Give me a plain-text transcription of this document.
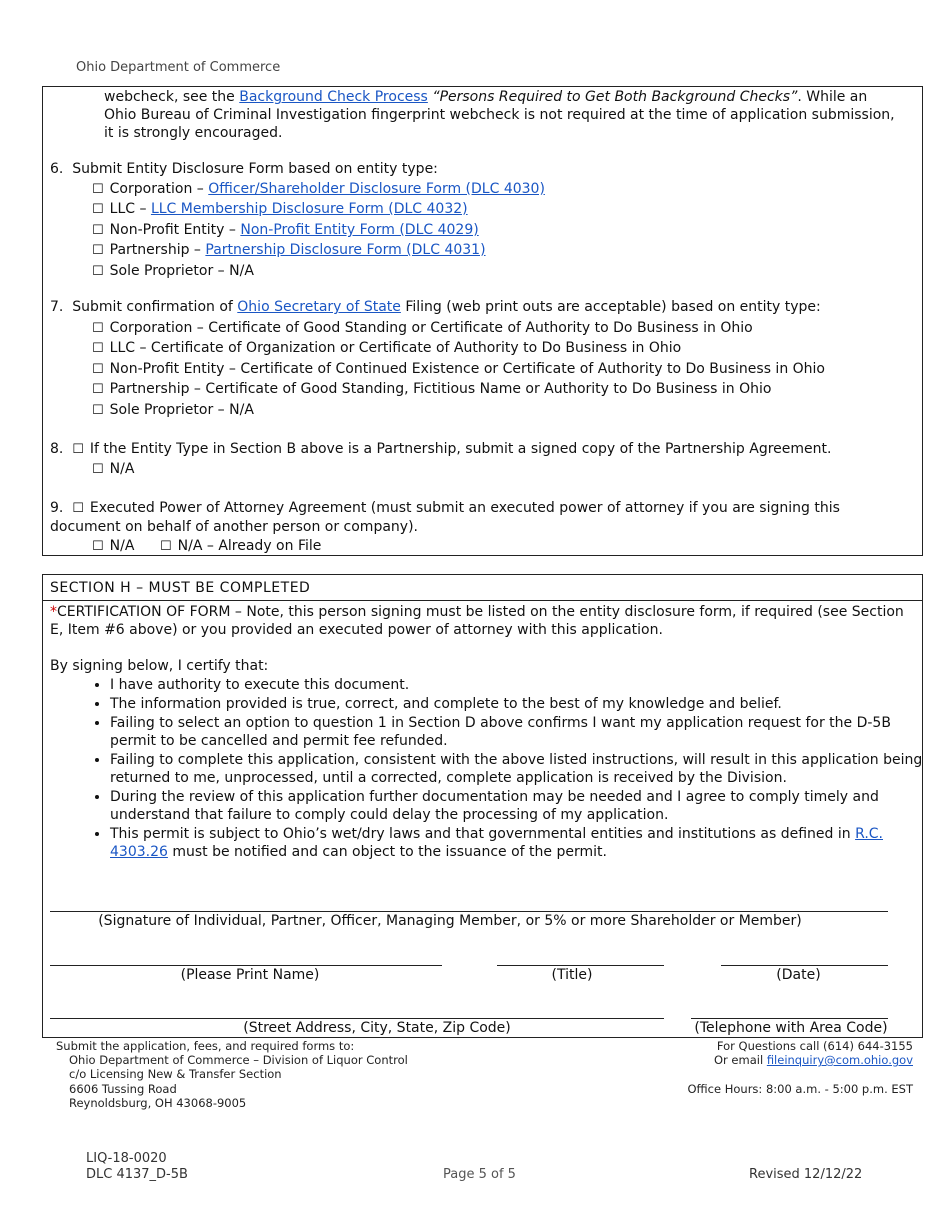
Ohio Department of Commerce
webcheck, see the Background Check Process “Persons Required to Get Both Background Checks”. While an Ohio Bureau of Criminal Investigation fingerprint webcheck is not required at the time of application submission, it is strongly encouraged.
6. Submit Entity Disclosure Form based on entity type:
☐ Corporation – Officer/Shareholder Disclosure Form (DLC 4030)
☐ LLC – LLC Membership Disclosure Form (DLC 4032)
☐ Non-Profit Entity – Non-Profit Entity Form (DLC 4029)
☐ Partnership – Partnership Disclosure Form (DLC 4031)
☐ Sole Proprietor – N/A
7. Submit confirmation of Ohio Secretary of State Filing (web print outs are acceptable) based on entity type:
☐ Corporation – Certificate of Good Standing or Certificate of Authority to Do Business in Ohio
☐ LLC – Certificate of Organization or Certificate of Authority to Do Business in Ohio
☐ Non-Profit Entity – Certificate of Continued Existence or Certificate of Authority to Do Business in Ohio
☐ Partnership – Certificate of Good Standing, Fictitious Name or Authority to Do Business in Ohio
☐ Sole Proprietor – N/A
8. ☐ If the Entity Type in Section B above is a Partnership, submit a signed copy of the Partnership Agreement.
☐ N/A
9. ☐ Executed Power of Attorney Agreement (must submit an executed power of attorney if you are signing this document on behalf of another person or company).
☐ N/A ☐ N/A – Already on File
SECTION H – MUST BE COMPLETED
*CERTIFICATION OF FORM – Note, this person signing must be listed on the entity disclosure form, if required (see Section E, Item #6 above) or you provided an executed power of attorney with this application.
By signing below, I certify that:
• I have authority to execute this document.
• The information provided is true, correct, and complete to the best of my knowledge and belief.
• Failing to select an option to question 1 in Section D above confirms I want my application request for the D-5B permit to be cancelled and permit fee refunded.
• Failing to complete this application, consistent with the above listed instructions, will result in this application being returned to me, unprocessed, until a corrected, complete application is received by the Division.
• During the review of this application further documentation may be needed and I agree to comply timely and understand that failure to comply could delay the processing of my application.
• This permit is subject to Ohio’s wet/dry laws and that governmental entities and institutions as defined in R.C. 4303.26 must be notified and can object to the issuance of the permit.
(Signature of Individual, Partner, Officer, Managing Member, or 5% or more Shareholder or Member)
(Please Print Name)	(Title)	(Date)
(Street Address, City, State, Zip Code)	(Telephone with Area Code)
Submit the application, fees, and required forms to:
Ohio Department of Commerce – Division of Liquor Control
c/o Licensing New & Transfer Section
6606 Tussing Road
Reynoldsburg, OH 43068-9005
For Questions call (614) 644-3155
Or email fileinquiry@com.ohio.gov
Office Hours: 8:00 a.m. - 5:00 p.m. EST
LIQ-18-0020
DLC 4137_D-5B	Page 5 of 5	Revised 12/12/22
